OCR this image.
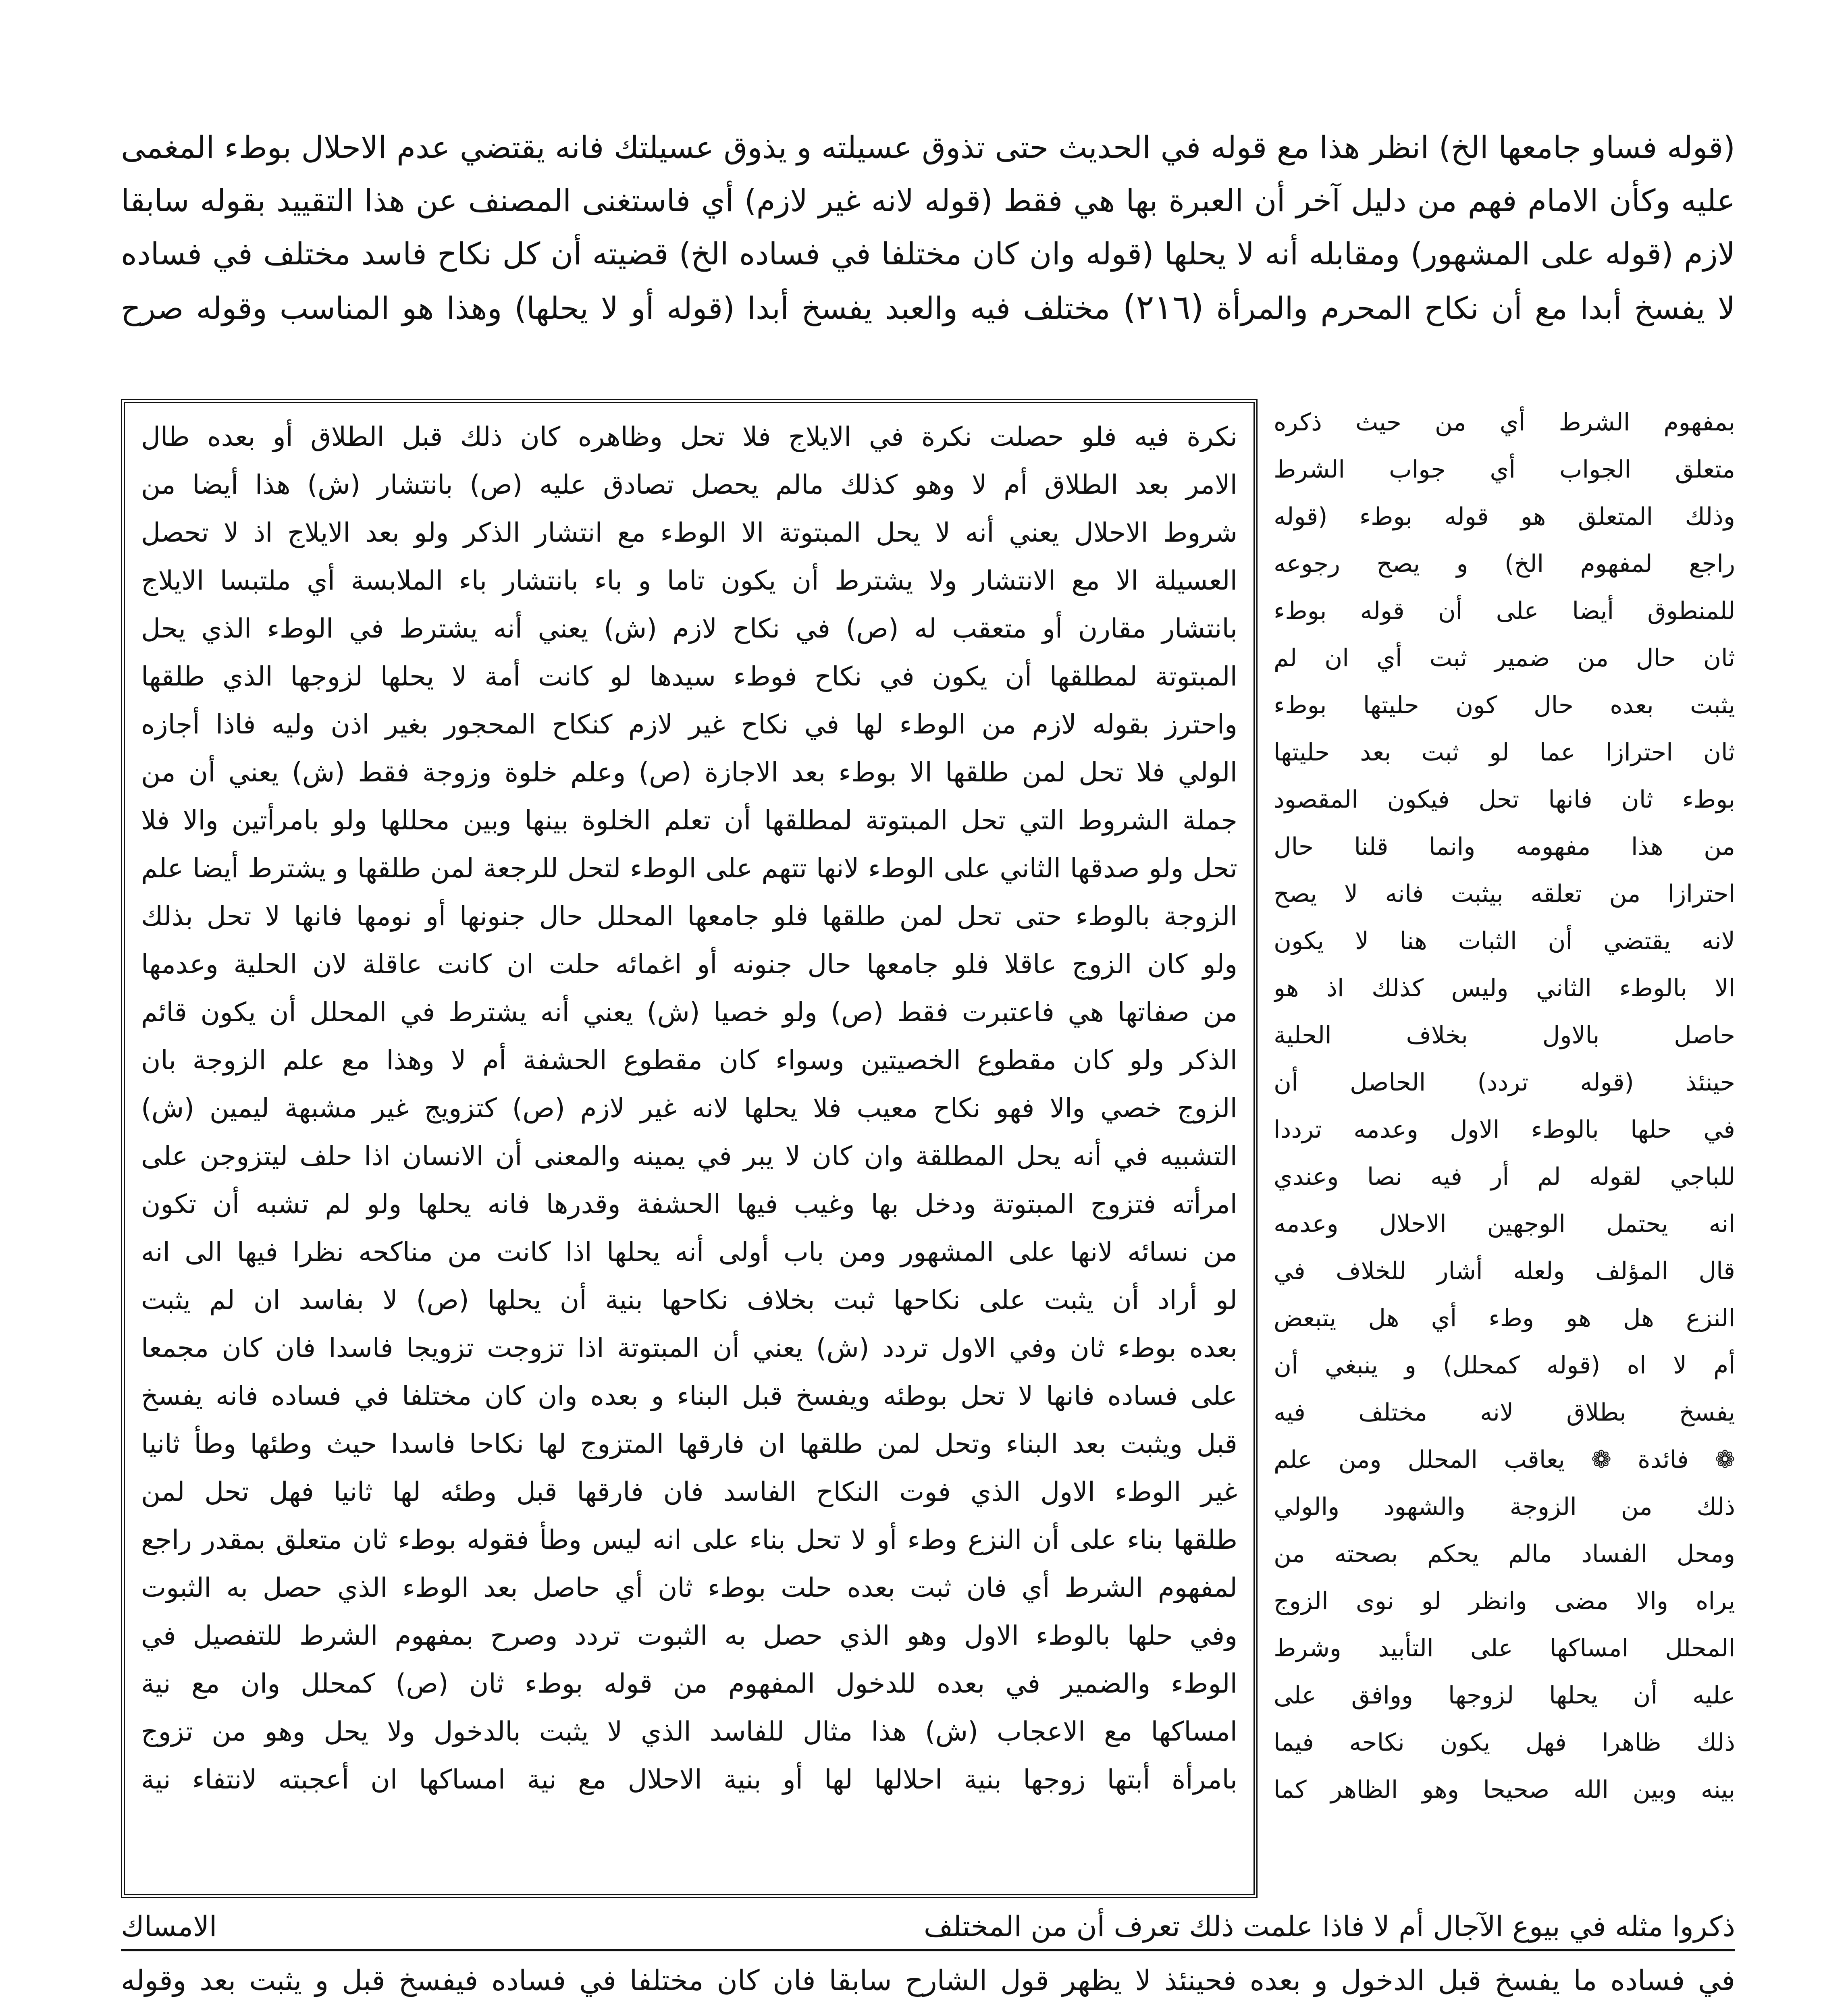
(قوله فساو جامعها الخ) انظر هذا مع قوله في الحديث حتى تذوق عسيلته و يذوق عسيلتك فانه يقتضي عدم الاحلال بوطء المغمى
عليه وكأن الامام فهم من دليل آخر أن العبرة بها هي فقط (قوله لانه غير لازم) أي فاستغنى المصنف عن هذا التقييد بقوله سابقا
لازم (قوله على المشهور) ومقابله أنه لا يحلها (قوله وان كان مختلفا في فساده الخ) قضيته أن كل نكاح فاسد مختلف في فساده
لا يفسخ أبدا مع أن نكاح المحرم والمرأة (٢١٦) مختلف فيه والعبد يفسخ أبدا (قوله أو لا يحلها) وهذا هو المناسب وقوله صرح
نكرة فيه فلو حصلت نكرة في الايلاج فلا تحل وظاهره كان ذلك قبل الطلاق أو بعده طال
الامر بعد الطلاق أم لا وهو كذلك مالم يحصل تصادق عليه (ص) بانتشار (ش) هذا أيضا من
شروط الاحلال يعني أنه لا يحل المبتوتة الا الوطء مع انتشار الذكر ولو بعد الايلاج اذ لا تحصل
العسيلة الا مع الانتشار ولا يشترط أن يكون تاما و باء بانتشار باء الملابسة أي ملتبسا الايلاج
بانتشار مقارن أو متعقب له (ص) في نكاح لازم (ش) يعني أنه يشترط في الوطء الذي يحل
المبتوتة لمطلقها أن يكون في نكاح فوطء سيدها لو كانت أمة لا يحلها لزوجها الذي طلقها
واحترز بقوله لازم من الوطء لها في نكاح غير لازم كنكاح المحجور بغير اذن وليه فاذا أجازه
الولي فلا تحل لمن طلقها الا بوطء بعد الاجازة (ص) وعلم خلوة وزوجة فقط (ش) يعني أن من
جملة الشروط التي تحل المبتوتة لمطلقها أن تعلم الخلوة بينها وبين محللها ولو بامرأتين والا فلا
تحل ولو صدقها الثاني على الوطء لانها تتهم على الوطء لتحل للرجعة لمن طلقها و يشترط أيضا علم
الزوجة بالوطء حتى تحل لمن طلقها فلو جامعها المحلل حال جنونها أو نومها فانها لا تحل بذلك
ولو كان الزوج عاقلا فلو جامعها حال جنونه أو اغمائه حلت ان كانت عاقلة لان الحلية وعدمها
من صفاتها هي فاعتبرت فقط (ص) ولو خصيا (ش) يعني أنه يشترط في المحلل أن يكون قائم
الذكر ولو كان مقطوع الخصيتين وسواء كان مقطوع الحشفة أم لا وهذا مع علم الزوجة بان
الزوج خصي والا فهو نكاح معيب فلا يحلها لانه غير لازم (ص) كتزويج غير مشبهة ليمين (ش)
التشبيه في أنه يحل المطلقة وان كان لا يبر في يمينه والمعنى أن الانسان اذا حلف ليتزوجن على
امرأته فتزوج المبتوتة ودخل بها وغيب فيها الحشفة وقدرها فانه يحلها ولو لم تشبه أن تكون
من نسائه لانها على المشهور ومن باب أولى أنه يحلها اذا كانت من مناكحه نظرا فيها الى انه
لو أراد أن يثبت على نكاحها ثبت بخلاف نكاحها بنية أن يحلها (ص) لا بفاسد ان لم يثبت
بعده بوطء ثان وفي الاول تردد (ش) يعني أن المبتوتة اذا تزوجت تزويجا فاسدا فان كان مجمعا
على فساده فانها لا تحل بوطئه ويفسخ قبل البناء و بعده وان كان مختلفا في فساده فانه يفسخ
قبل ويثبت بعد البناء وتحل لمن طلقها ان فارقها المتزوج لها نكاحا فاسدا حيث وطئها وطأ ثانيا
غير الوطء الاول الذي فوت النكاح الفاسد فان فارقها قبل وطئه لها ثانيا فهل تحل لمن
طلقها بناء على أن النزع وطء أو لا تحل بناء على انه ليس وطأ فقوله بوطء ثان متعلق بمقدر راجع
لمفهوم الشرط أي فان ثبت بعده حلت بوطء ثان أي حاصل بعد الوطء الذي حصل به الثبوت
وفي حلها بالوطء الاول وهو الذي حصل به الثبوت تردد وصرح بمفهوم الشرط للتفصيل في
الوطء والضمير في بعده للدخول المفهوم من قوله بوطء ثان (ص) كمحلل وان مع نية
امساكها مع الاعجاب (ش) هذا مثال للفاسد الذي لا يثبت بالدخول ولا يحل وهو من تزوج
بامرأة أبتها زوجها بنية احلالها لها أو بنية الاحلال مع نية امساكها ان أعجبته لانتفاء نية
بمفهوم الشرط أي من حيث ذكره
متعلق الجواب أي جواب الشرط
وذلك المتعلق هو قوله بوطء (قوله
راجع لمفهوم الخ) و يصح رجوعه
للمنطوق أيضا على أن قوله بوطء
ثان حال من ضمير ثبت أي ان لم
يثبت بعده حال كون حليتها بوطء
ثان احترازا عما لو ثبت بعد حليتها
بوطء ثان فانها تحل فيكون المقصود
من هذا مفهومه وانما قلنا حال
احترازا من تعلقه بيثبت فانه لا يصح
لانه يقتضي أن الثبات هنا لا يكون
الا بالوطء الثاني وليس كذلك اذ هو
حاصل بالاول بخلاف الحلية
حينئذ (قوله تردد) الحاصل أن
في حلها بالوطء الاول وعدمه ترددا
للباجي لقوله لم أر فيه نصا وعندي
انه يحتمل الوجهين الاحلال وعدمه
قال المؤلف ولعله أشار للخلاف في
النزع هل هو وطء أي هل يتبعض
أم لا اه (قوله كمحلل) و ينبغي أن
يفسخ بطلاق لانه مختلف فيه
❁ فائدة ❁ يعاقب المحلل ومن علم
ذلك من الزوجة والشهود والولي
ومحل الفساد مالم يحكم بصحته من
يراه والا مضى وانظر لو نوى الزوج
المحلل امساكها على التأبيد وشرط
عليه أن يحلها لزوجها ووافق على
ذلك ظاهرا فهل يكون نكاحه فيما
بينه وبين الله صحيحا وهو الظاهر كما
ذكروا مثله في بيوع الآجال أم لا فاذا علمت ذلك تعرف أن من المختلف
الامساك
في فساده ما يفسخ قبل الدخول و بعده فحينئذ لا يظهر قول الشارح سابقا فان كان مختلفا في فساده فيفسخ قبل و يثبت بعد وقوله
